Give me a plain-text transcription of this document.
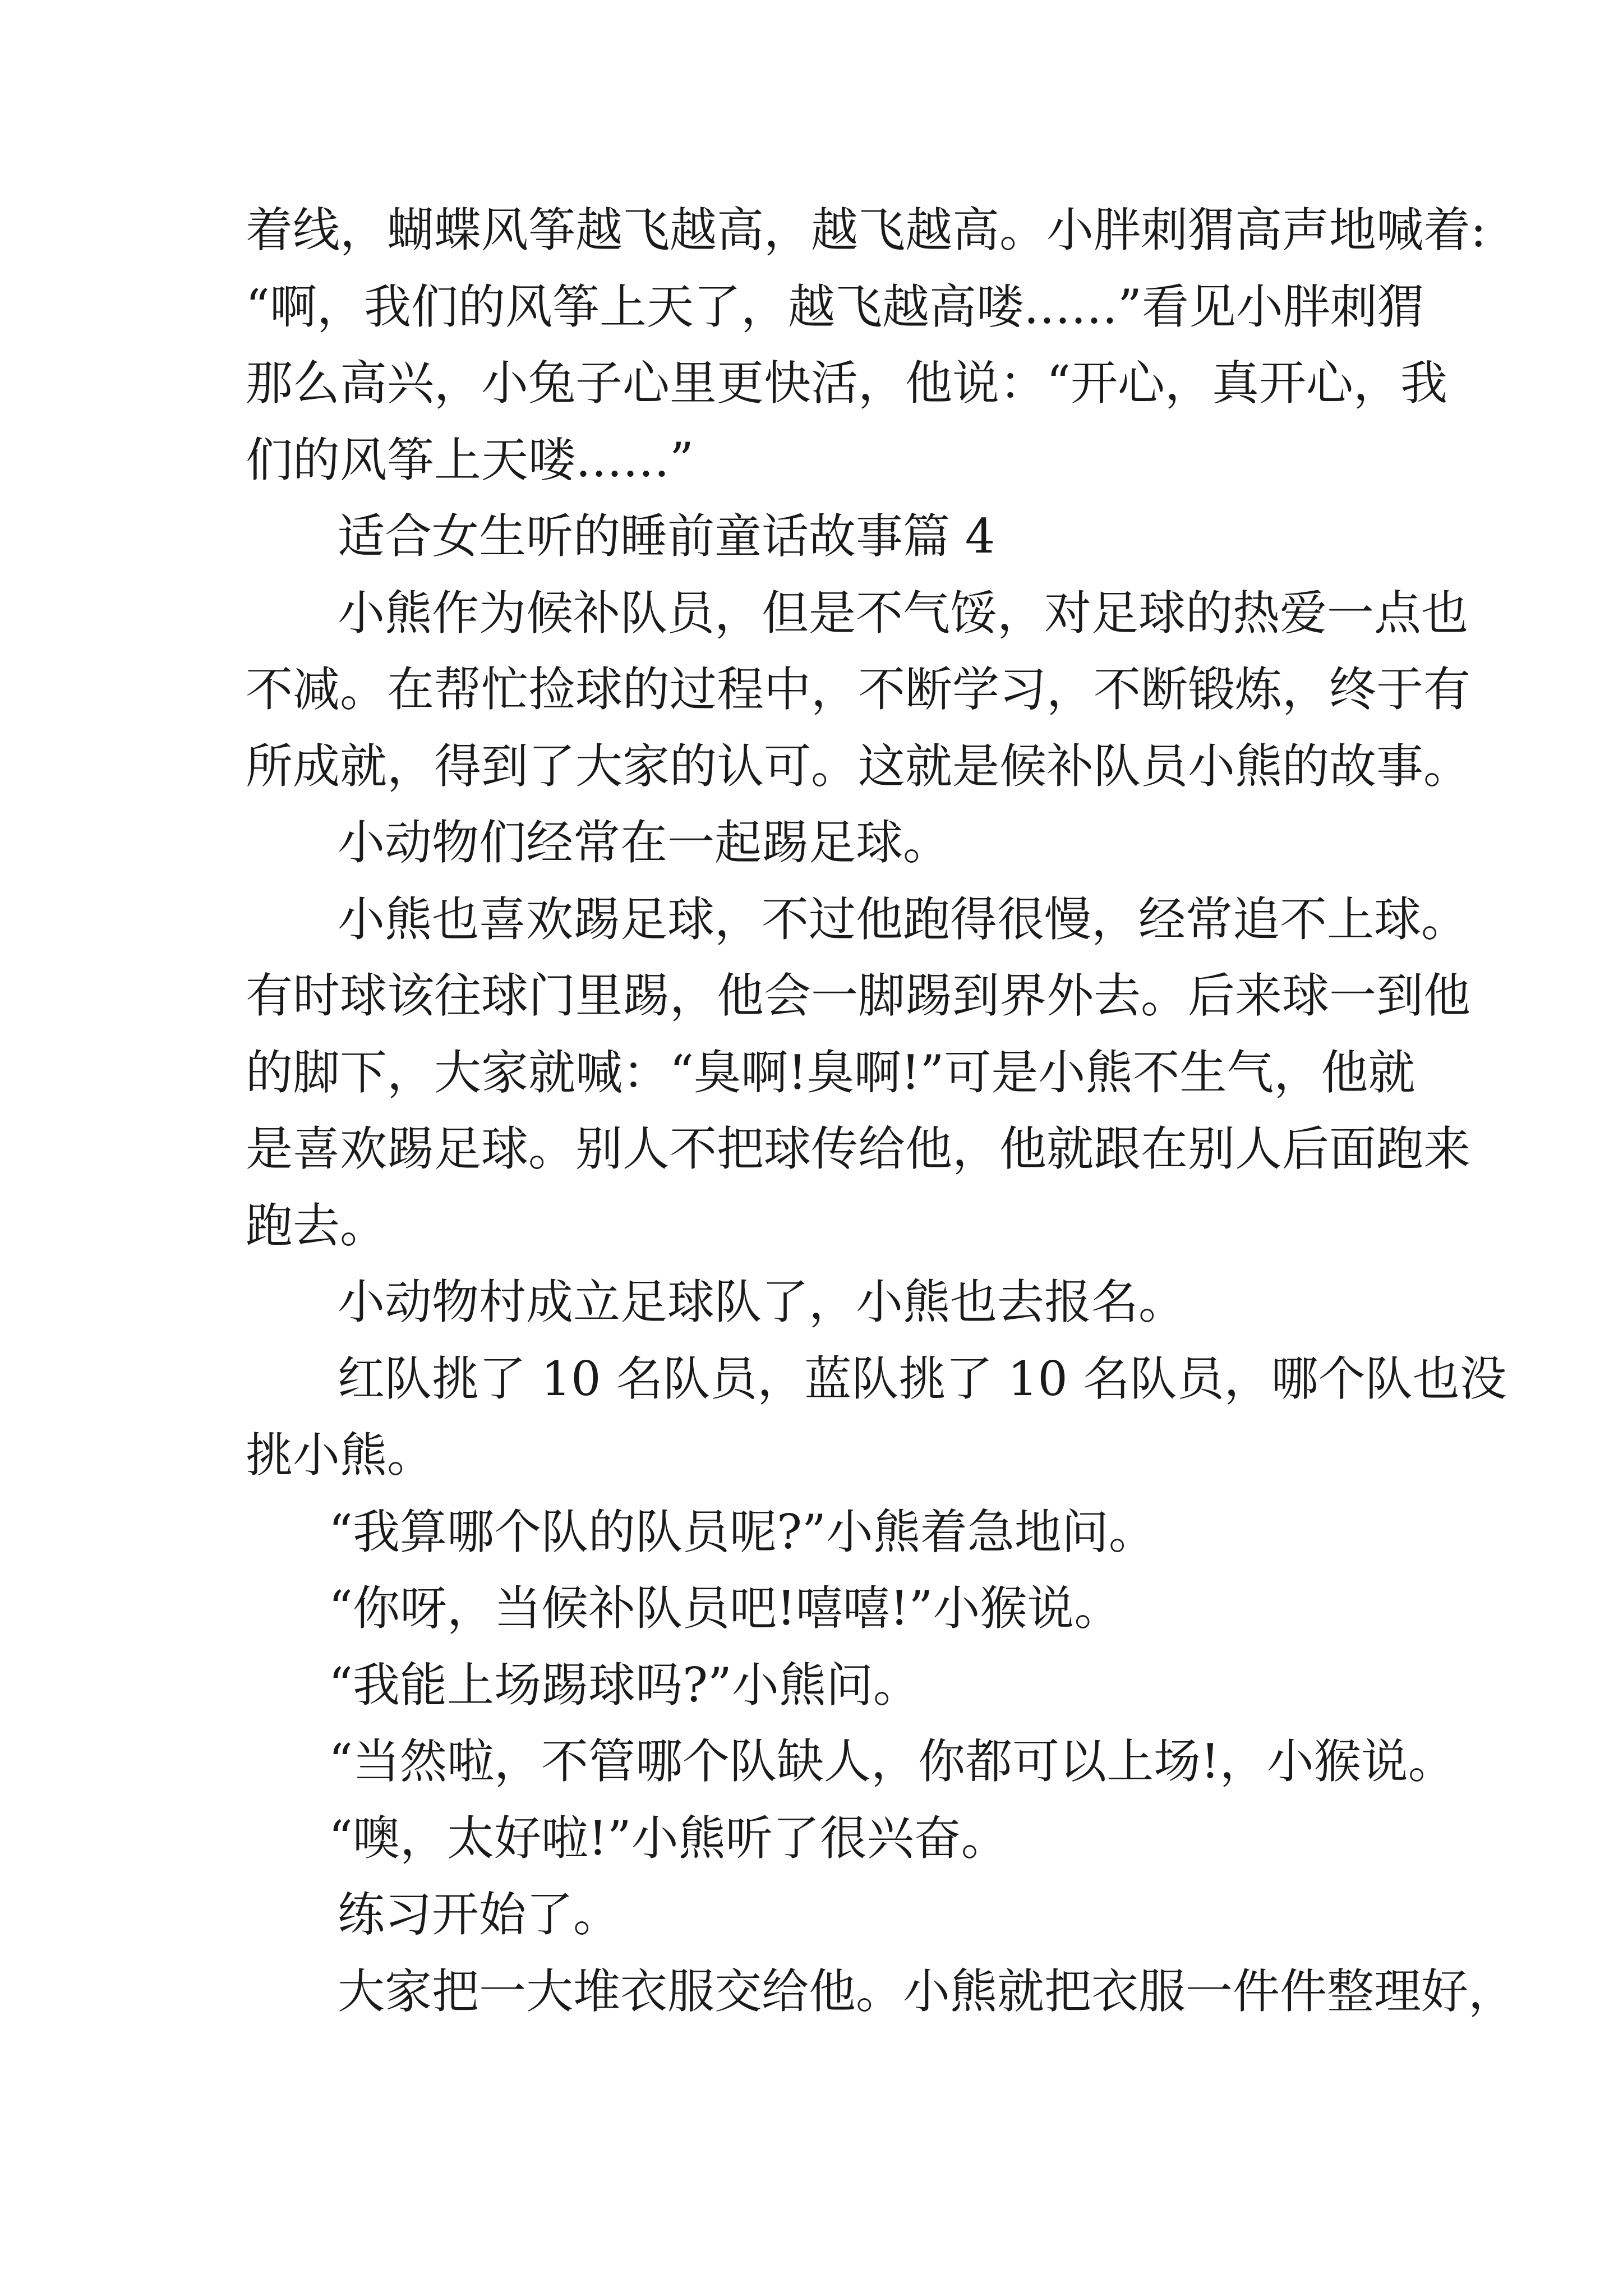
着线，蝴蝶风筝越飞越高，越飞越高。小胖刺猬高声地喊着:
“啊，我们的风筝上天了，越飞越高喽……”看见小胖刺猬
那么高兴，小兔子心里更快活，他说：“开心，真开心，我
们的风筝上天喽……”
适合女生听的睡前童话故事篇 4
小熊作为候补队员，但是不气馁，对足球的热爱一点也
不减。在帮忙捡球的过程中，不断学习，不断锻炼，终于有
所成就，得到了大家的认可。这就是候补队员小熊的故事。
小动物们经常在一起踢足球。
小熊也喜欢踢足球，不过他跑得很慢，经常追不上球。
有时球该往球门里踢，他会一脚踢到界外去。后来球一到他
的脚下，大家就喊：“臭啊!臭啊!”可是小熊不生气，他就
是喜欢踢足球。别人不把球传给他，他就跟在别人后面跑来
跑去。
小动物村成立足球队了，小熊也去报名。
红队挑了 10 名队员，蓝队挑了 10 名队员，哪个队也没
挑小熊。
“我算哪个队的队员呢?”小熊着急地问。
“你呀，当候补队员吧!嘻嘻!”小猴说。
“我能上场踢球吗?”小熊问。
“当然啦，不管哪个队缺人，你都可以上场!，小猴说。
“噢，太好啦!”小熊听了很兴奋。
练习开始了。
大家把一大堆衣服交给他。小熊就把衣服一件件整理好，
